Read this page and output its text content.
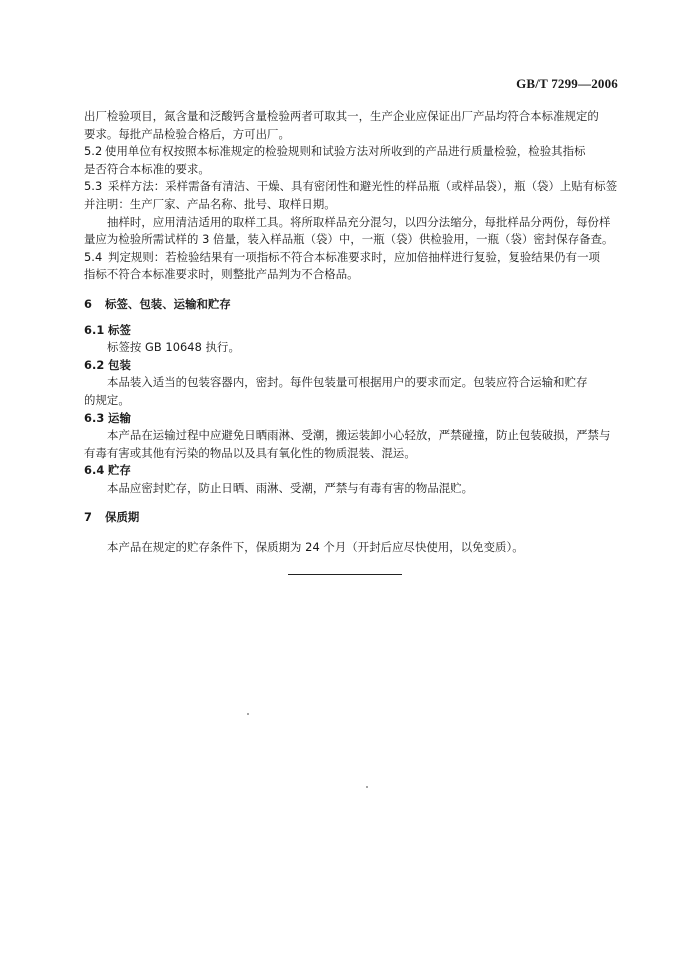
GB/T 7299—2006
出厂检验项目，氮含量和泛酸钙含量检验两者可取其一，生产企业应保证出厂产品均符合本标准规定的
要求。每批产品检验合格后，方可出厂。
5.2 使用单位有权按照本标准规定的检验规则和试验方法对所收到的产品进行质量检验，检验其指标
是否符合本标准的要求。
5.3 采样方法：采样需备有清洁、干燥、具有密闭性和避光性的样品瓶（或样品袋），瓶（袋）上贴有标签
并注明：生产厂家、产品名称、批号、取样日期。
抽样时，应用清洁适用的取样工具。将所取样品充分混匀，以四分法缩分，每批样品分两份，每份样
量应为检验所需试样的 3 倍量，装入样品瓶（袋）中，一瓶（袋）供检验用，一瓶（袋）密封保存备查。
5.4 判定规则：若检验结果有一项指标不符合本标准要求时，应加倍抽样进行复验，复验结果仍有一项
指标不符合本标准要求时，则整批产品判为不合格品。
6 标签、包装、运输和贮存
6.1 标签
标签按 GB 10648 执行。
6.2 包装
本品装入适当的包装容器内，密封。每件包装量可根据用户的要求而定。包装应符合运输和贮存
的规定。
6.3 运输
本产品在运输过程中应避免日晒雨淋、受潮，搬运装卸小心轻放，严禁碰撞，防止包装破损，严禁与
有毒有害或其他有污染的物品以及具有氧化性的物质混装、混运。
6.4 贮存
本品应密封贮存，防止日晒、雨淋、受潮，严禁与有毒有害的物品混贮。
7 保质期
本产品在规定的贮存条件下，保质期为 24 个月（开封后应尽快使用，以免变质）。
